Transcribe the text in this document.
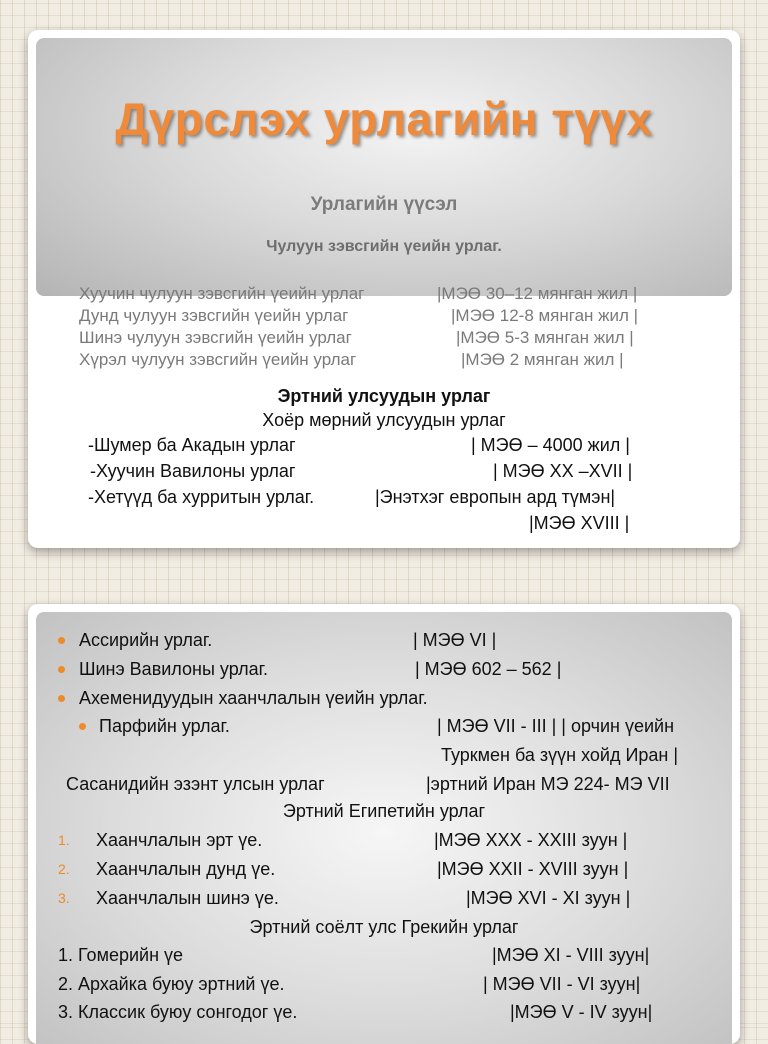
Дүрслэх урлагийн түүх
Урлагийн үүсэл
Чулуун зэвсгийн үеийн урлаг.
Хуучин чулуун зэвсгийн үеийн урлаг	|МЭӨ 30–12 мянган жил |
Дунд чулуун зэвсгийн үеийн урлаг	|МЭӨ 12-8 мянган жил |
Шинэ чулуун зэвсгийн үеийн урлаг	|МЭӨ 5-3 мянган жил |
Хүрэл чулуун зэвсгийн үеийн урлаг	|МЭӨ 2 мянган жил |
Эртний улсуудын урлаг
Хоёр мөрний улсуудын урлаг
-Шумер ба Акадын урлаг	| МЭӨ – 4000 жил |
-Хуучин Вавилоны урлаг	| МЭӨ XX –XVII |
-Хетүүд ба хурритын урлаг.	|Энэтхэг европын ард түмэн|
|МЭӨ XVIII |
Ассирийн урлаг.	| МЭӨ VI |
Шинэ Вавилоны урлаг.	| МЭӨ 602 – 562 |
Ахеменидуудын хаанчлалын үеийн урлаг.
Парфийн урлаг.	| МЭӨ VII - III | | орчин үеийн
Туркмен ба зүүн хойд Иран |
Сасанидийн эзэнт улсын урлаг	|эртний Иран МЭ 224- МЭ VII
Эртний Египетийн урлаг
1. Хаанчлалын эрт үе.	|МЭӨ XXX - XXIII зуун |
2. Хаанчлалын дунд үе.	|МЭӨ XXII - XVIII зуун |
3. Хаанчлалын шинэ үе.	|МЭӨ XVI - XI зуун |
Эртний соёлт улс Грекийн урлаг
1. Гомерийн үе	|МЭӨ XI - VIII зуун|
2. Архайка буюу эртний үе.	| МЭӨ VII - VI зуун|
3. Классик буюу сонгодог үе.	|МЭӨ V - IV зуун|
